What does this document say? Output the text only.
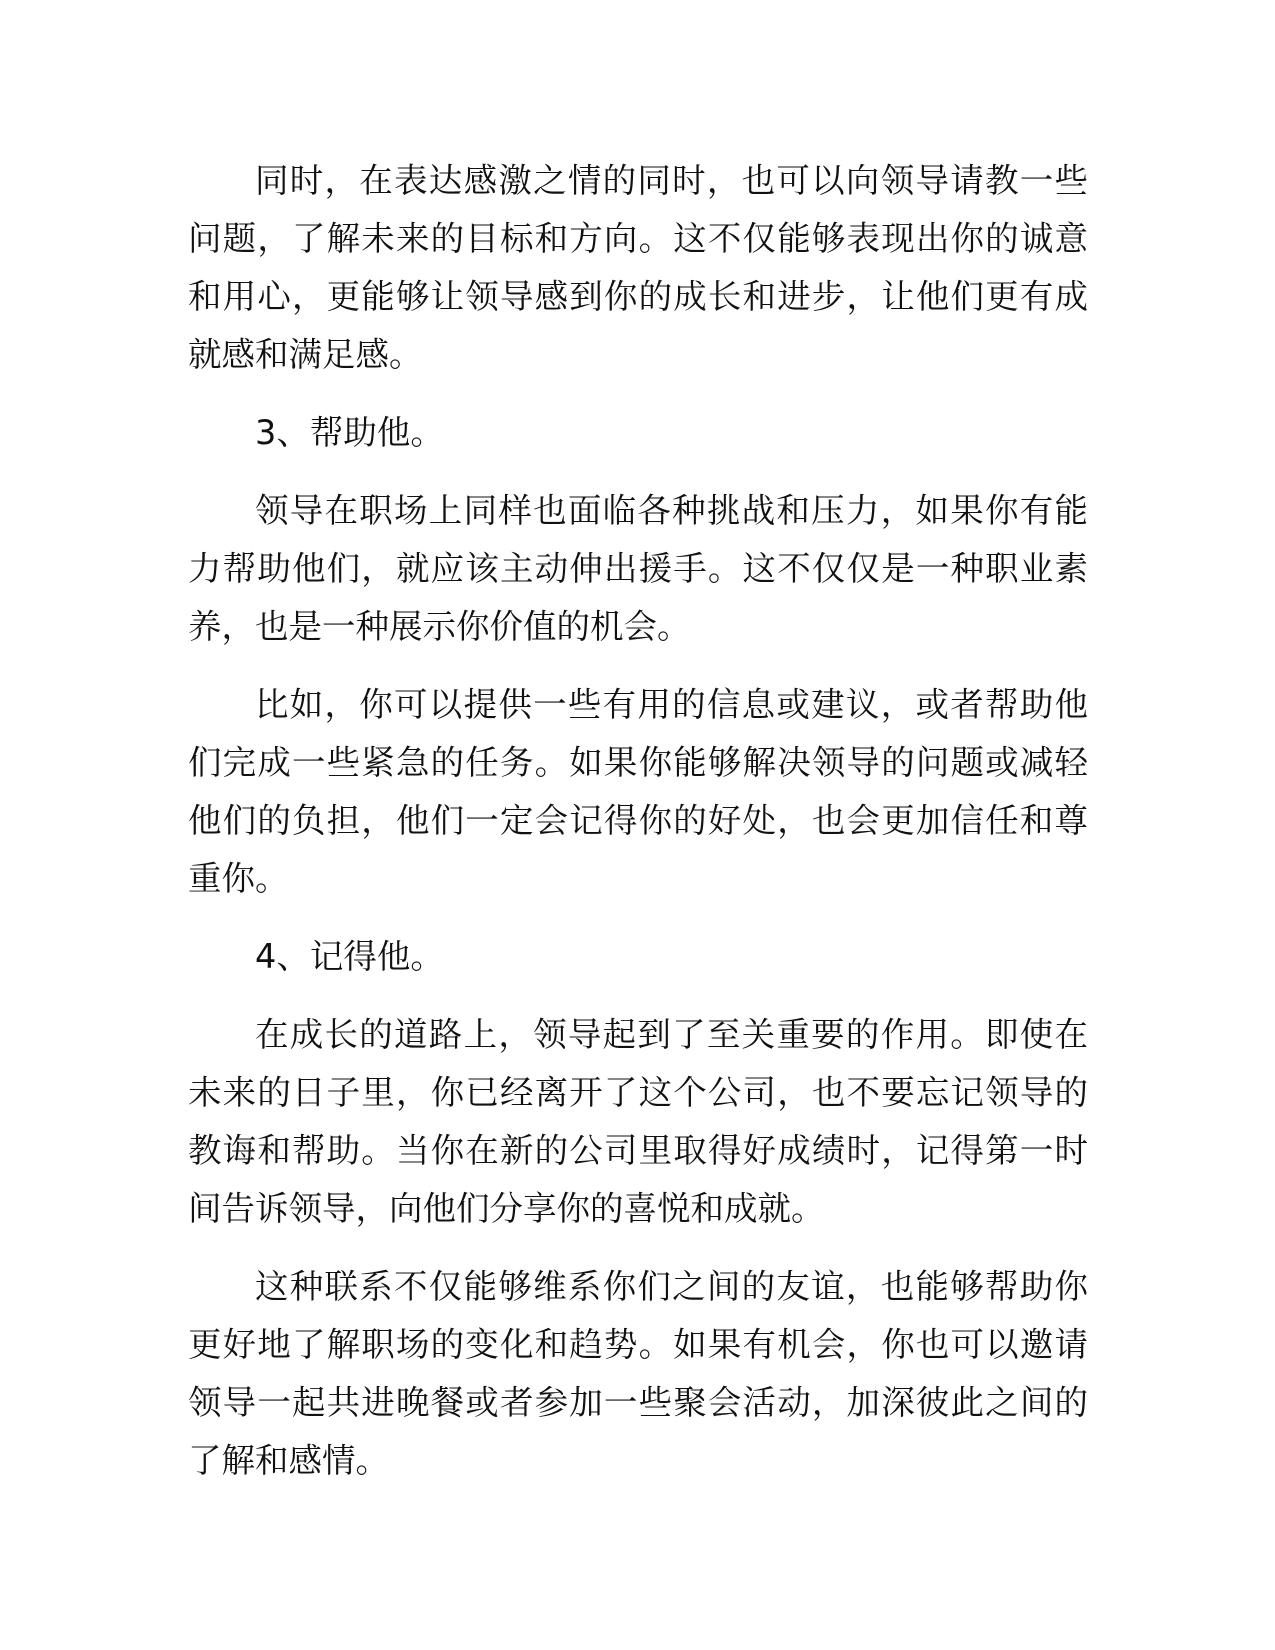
同时，在表达感激之情的同时，也可以向领导请教一些问题，了解未来的目标和方向。这不仅能够表现出你的诚意和用心，更能够让领导感到你的成长和进步，让他们更有成就感和满足感。

3、帮助他。

领导在职场上同样也面临各种挑战和压力，如果你有能力帮助他们，就应该主动伸出援手。这不仅仅是一种职业素养，也是一种展示你价值的机会。

比如，你可以提供一些有用的信息或建议，或者帮助他们完成一些紧急的任务。如果你能够解决领导的问题或减轻他们的负担，他们一定会记得你的好处，也会更加信任和尊重你。

4、记得他。

在成长的道路上，领导起到了至关重要的作用。即使在未来的日子里，你已经离开了这个公司，也不要忘记领导的教诲和帮助。当你在新的公司里取得好成绩时，记得第一时间告诉领导，向他们分享你的喜悦和成就。

这种联系不仅能够维系你们之间的友谊，也能够帮助你更好地了解职场的变化和趋势。如果有机会，你也可以邀请领导一起共进晚餐或者参加一些聚会活动，加深彼此之间的了解和感情。
